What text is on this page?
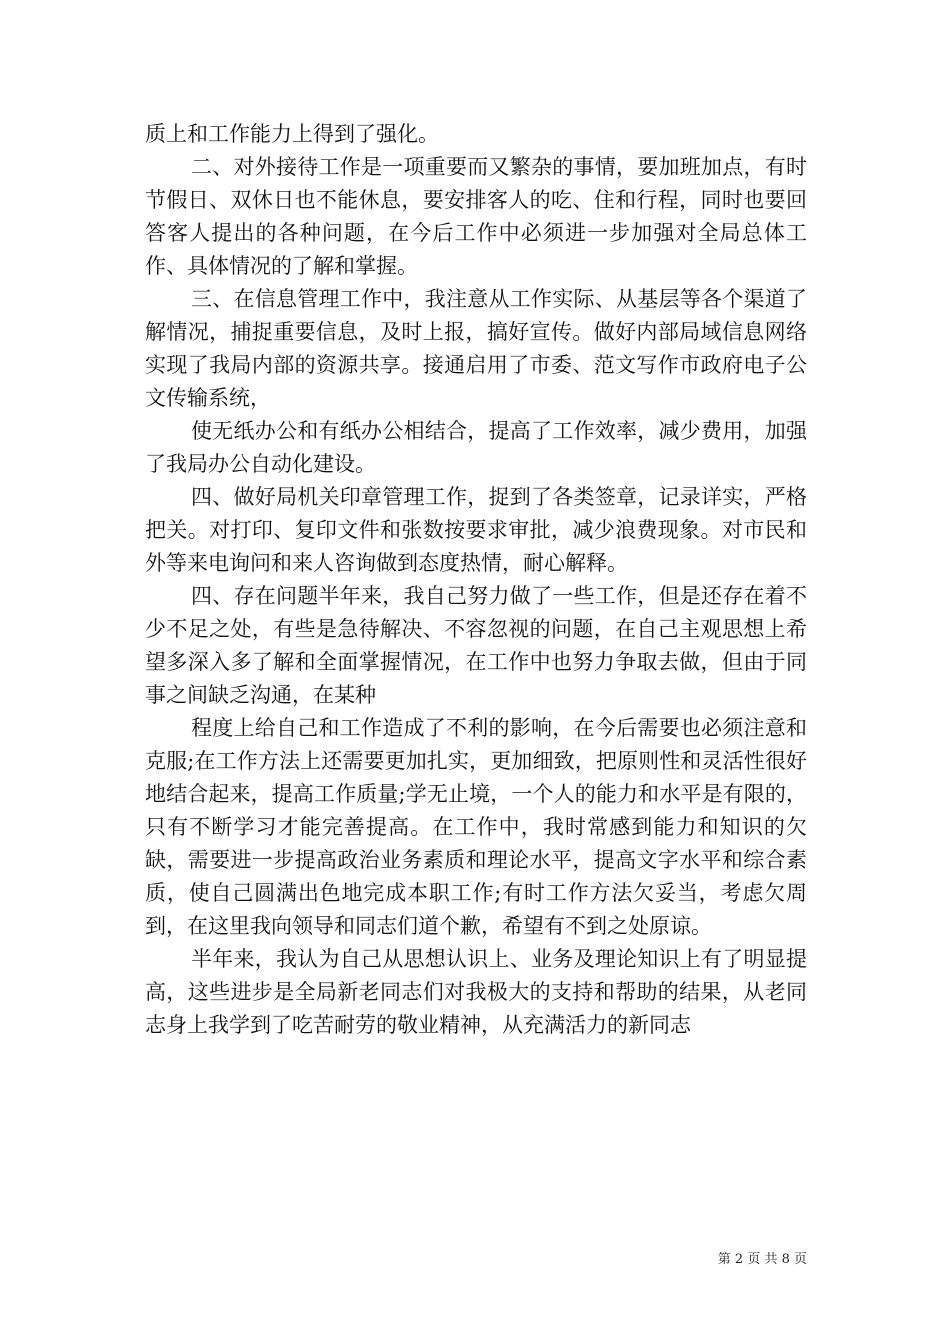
质上和工作能力上得到了强化。

二、对外接待工作是一项重要而又繁杂的事情，要加班加点，有时节假日、双休日也不能休息，要安排客人的吃、住和行程，同时也要回答客人提出的各种问题，在今后工作中必须进一步加强对全局总体工作、具体情况的了解和掌握。

三、在信息管理工作中，我注意从工作实际、从基层等各个渠道了解情况，捕捉重要信息，及时上报，搞好宣传。做好内部局域信息网络实现了我局内部的资源共享。接通启用了市委、范文写作市政府电子公文传输系统，

使无纸办公和有纸办公相结合，提高了工作效率，减少费用，加强了我局办公自动化建设。

四、做好局机关印章管理工作，捉到了各类签章，记录详实，严格把关。对打印、复印文件和张数按要求审批，减少浪费现象。对市民和外等来电询问和来人咨询做到态度热情，耐心解释。

四、存在问题半年来，我自己努力做了一些工作，但是还存在着不少不足之处，有些是急待解决、不容忽视的问题，在自己主观思想上希望多深入多了解和全面掌握情况，在工作中也努力争取去做，但由于同事之间缺乏沟通，在某种

程度上给自己和工作造成了不利的影响，在今后需要也必须注意和克服;在工作方法上还需要更加扎实，更加细致，把原则性和灵活性很好地结合起来，提高工作质量;学无止境，一个人的能力和水平是有限的，只有不断学习才能完善提高。在工作中，我时常感到能力和知识的欠缺，需要进一步提高政治业务素质和理论水平，提高文字水平和综合素质，使自己圆满出色地完成本职工作;有时工作方法欠妥当，考虑欠周到，在这里我向领导和同志们道个歉，希望有不到之处原谅。

半年来，我认为自己从思想认识上、业务及理论知识上有了明显提高，这些进步是全局新老同志们对我极大的支持和帮助的结果，从老同志身上我学到了吃苦耐劳的敬业精神，从充满活力的新同志

第 2 页 共 8 页
